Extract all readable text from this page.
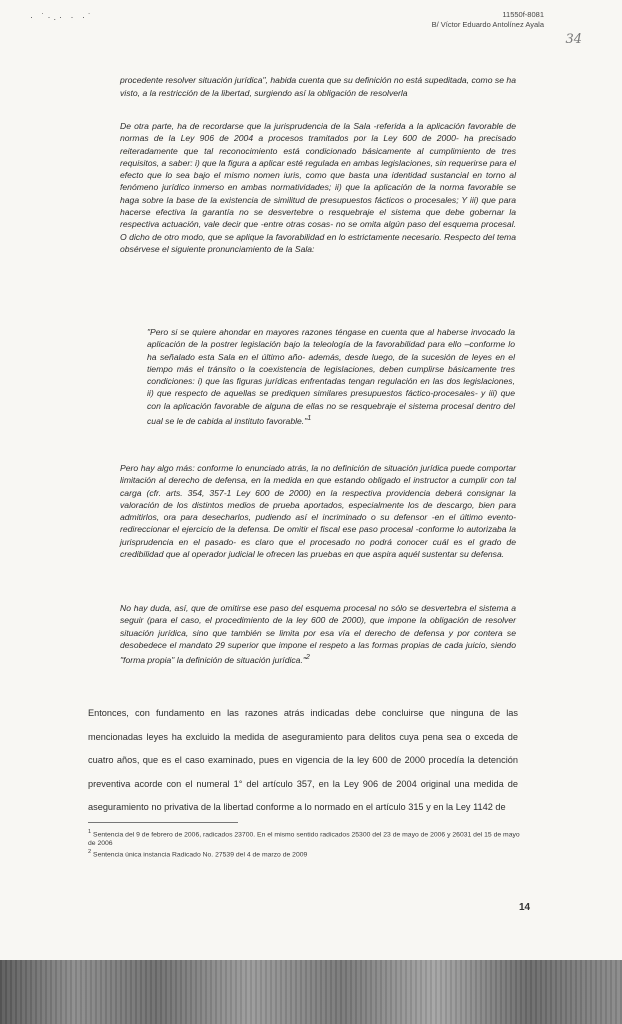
· ˙·.· · ·˙	11550f-8081
B/ Víctor Eduardo Antolínez Ayala
34

procedente resolver situación jurídica", habida cuenta que su definición no está supeditada, como se ha visto, a la restricción de la libertad, surgiendo así la obligación de resolverla

De otra parte, ha de recordarse que la jurisprudencia de la Sala -referida a la aplicación favorable de normas de la Ley 906 de 2004 a procesos tramitados por la Ley 600 de 2000- ha precisado reiteradamente que tal reconocimiento está condicionado básicamente al cumplimiento de tres requisitos, a saber: i) que la figura a aplicar esté regulada en ambas legislaciones, sin requerirse para el efecto que lo sea bajo el mismo nomen iuris, como que basta una identidad sustancial en torno al fenómeno jurídico inmerso en ambas normatividades; ii) que la aplicación de la norma favorable se haga sobre la base de la existencia de similitud de presupuestos fácticos o procesales; Y iii) que para hacerse efectiva la garantía no se desvertebre o resquebraje el sistema que debe gobernar la respectiva actuación, vale decir que -entre otras cosas- no se omita algún paso del esquema procesal. O dicho de otro modo, que se aplique la favorabilidad en lo estrictamente necesario. Respecto del tema obsérvese el siguiente pronunciamiento de la Sala:

"Pero si se quiere ahondar en mayores razones téngase en cuenta que al haberse invocado la aplicación de la postrer legislación bajo la teleología de la favorabilidad para ello –conforme lo ha señalado esta Sala en el último año- además, desde luego, de la sucesión de leyes en el tiempo más el tránsito o la coexistencia de legislaciones, deben cumplirse básicamente tres condiciones: i) que las figuras jurídicas enfrentadas tengan regulación en las dos legislaciones, ii) que respecto de aquellas se prediquen similares presupuestos fáctico-procesales- y iii) que con la aplicación favorable de alguna de ellas no se resquebraje el sistema procesal dentro del cual se le de cabida al instituto favorable."$^1$

Pero hay algo más: conforme lo enunciado atrás, la no definición de situación jurídica puede comportar limitación al derecho de defensa, en la medida en que estando obligado el instructor a cumplir con tal carga (cfr. arts. 354, 357-1 Ley 600 de 2000) en la respectiva providencia deberá consignar la valoración de los distintos medios de prueba aportados, especialmente los de descargo, bien para admitirlos, ora para desecharlos, pudiendo así el incriminado o su defensor -en el último evento- redireccionar el ejercicio de la defensa. De omitir el fiscal ese paso procesal -conforme lo autorizaba la jurisprudencia en el pasado- es claro que el procesado no podrá conocer cuál es el grado de credibilidad que al operador judicial le ofrecen las pruebas en que aspira aquél sustentar su defensa.

No hay duda, así, que de omitirse ese paso del esquema procesal no sólo se desvertebra el sistema a seguir (para el caso, el procedimiento de la ley 600 de 2000), que impone la obligación de resolver situación jurídica, sino que también se limita por esa vía el derecho de defensa y por contera se desobedece el mandato 29 superior que impone el respeto a las formas propias de cada juicio, siendo "forma propia" la definición de situación jurídica."$^2$

Entonces, con fundamento en las razones atrás indicadas debe concluirse que ninguna de las mencionadas leyes ha excluido la medida de aseguramiento para delitos cuya pena sea o exceda de cuatro años, que es el caso examinado, pues en vigencia de la ley 600 de 2000 procedía la detención preventiva acorde con el numeral 1° del artículo 357, en la Ley 906 de 2004 original una medida de aseguramiento no privativa de la libertad conforme a lo normado en el artículo 315 y en la Ley 1142 de

$^1$ Sentencia del 9 de febrero de 2006, radicados 23700. En el mismo sentido radicados 25300 del 23 de mayo de 2006 y 26031 del 15 de mayo de 2006
$^2$ Sentencia única instancia Radicado No. 27539 del 4 de marzo de 2009
14
